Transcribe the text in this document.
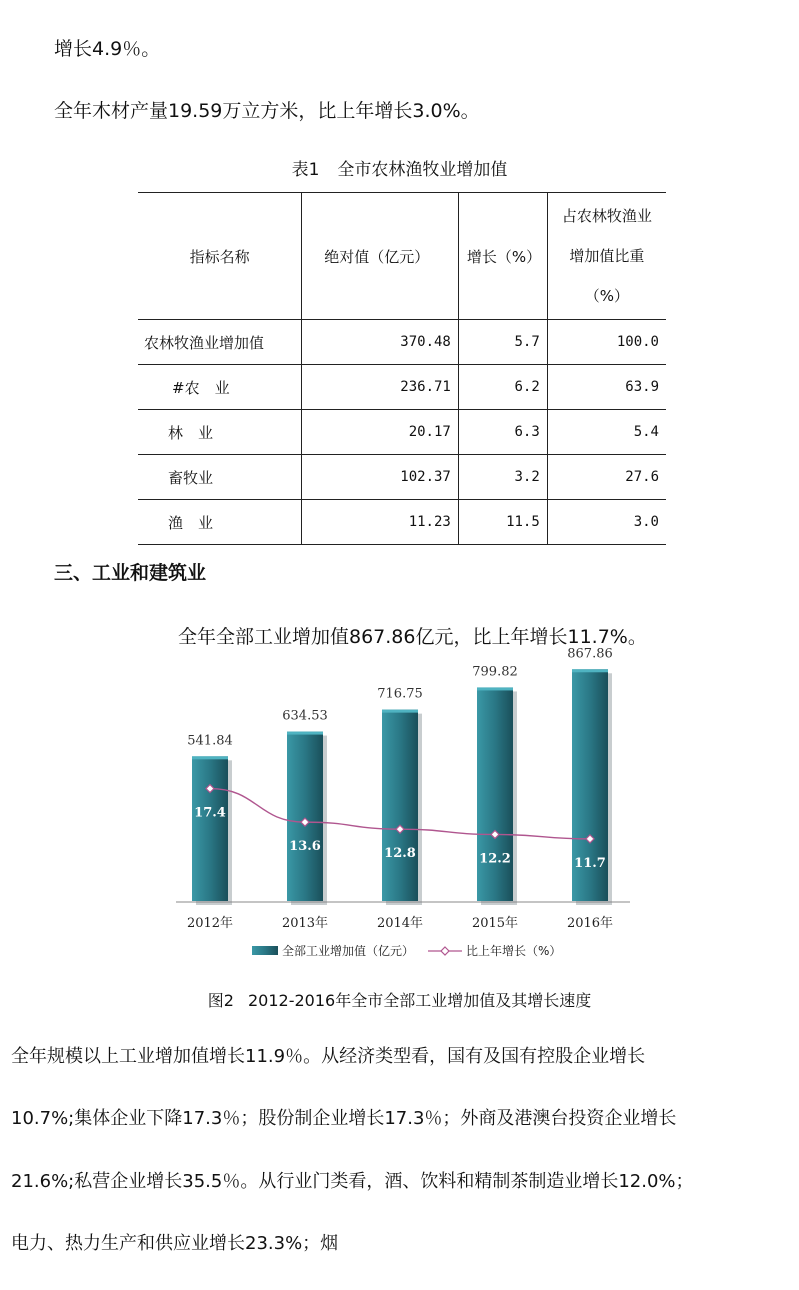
增长4.9％。
全年木材产量19.59万立方米，比上年增长3.0%。
表1 全市农林渔牧业增加值
指标名称	绝对值（亿元）	增长（%）	占农林牧渔业
增加值比重
（%）

农林牧渔业增加值	370.48	5.7	100.0
#农　业	236.71	6.2	63.9
林　业	20.17	6.3	5.4
畜牧业	102.37	3.2	27.6
渔　业	11.23	11.5	3.0
三、工业和建筑业
全年全部工业增加值867.86亿元，比上年增长11.7%。
541.84
634.53
716.75
799.82
867.86
17.4
13.6	12.8	12.2	11.7
2012年	2013年	2014年	2015年	2016年
全部工业增加值（亿元）	比上年增长（%）
图2 2012-2016年全市全部工业增加值及其增长速度
全年规模以上工业增加值增长11.9％。从经济类型看，国有及国有控股企业增长
10.7%;集体企业下降17.3％；股份制企业增长17.3％；外商及港澳台投资企业增长
21.6%;私营企业增长35.5％。从行业门类看，酒、饮料和精制茶制造业增长12.0%；
电力、热力生产和供应业增长23.3%；烟
